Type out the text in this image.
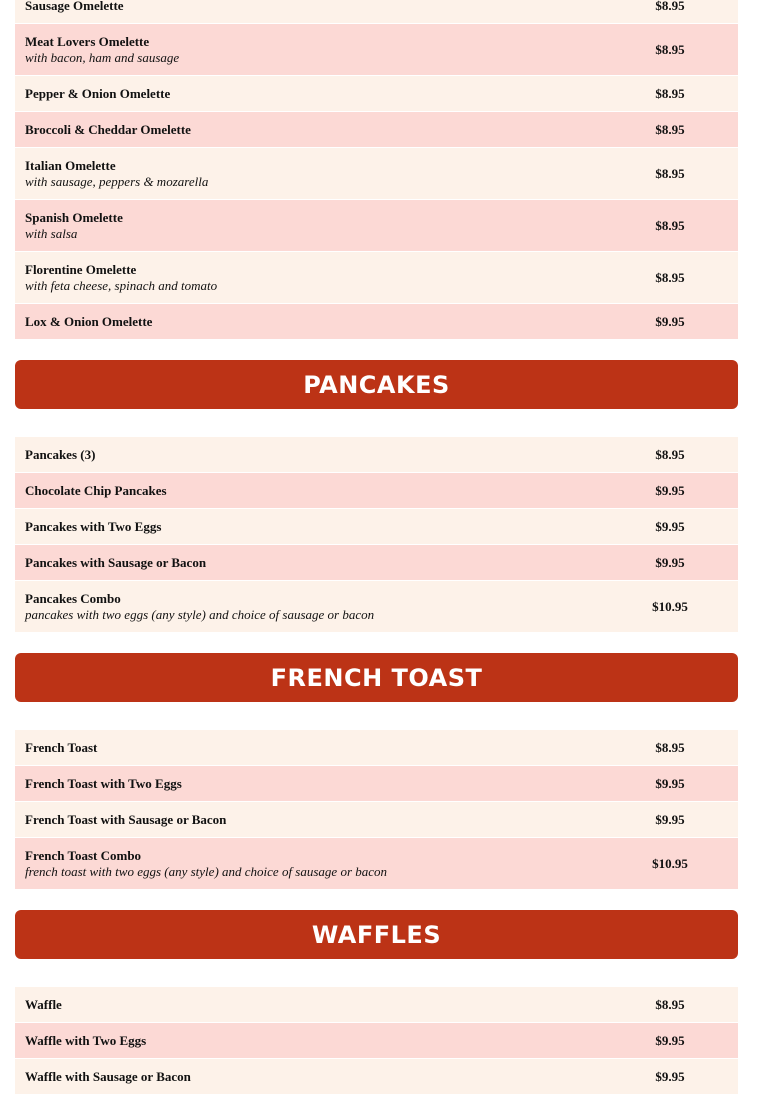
Sausage Omelette	$8.95
Meat Lovers Omelette
with bacon, ham and sausage
$8.95
Pepper & Onion Omelette	$8.95
Broccoli & Cheddar Omelette	$8.95
Italian Omelette
with sausage, peppers & mozarella
$8.95
Spanish Omelette
with salsa
$8.95
Florentine Omelette
with feta cheese, spinach and tomato
$8.95
Lox & Onion Omelette	$9.95
PANCAKES
Pancakes (3)	$8.95
Chocolate Chip Pancakes	$9.95
Pancakes with Two Eggs	$9.95
Pancakes with Sausage or Bacon	$9.95
Pancakes Combo
pancakes with two eggs (any style) and choice of sausage or bacon
$10.95
FRENCH TOAST
French Toast	$8.95
French Toast with Two Eggs	$9.95
French Toast with Sausage or Bacon	$9.95
French Toast Combo
french toast with two eggs (any style) and choice of sausage or bacon
$10.95
WAFFLES
Waffle	$8.95
Waffle with Two Eggs	$9.95
Waffle with Sausage or Bacon	$9.95
